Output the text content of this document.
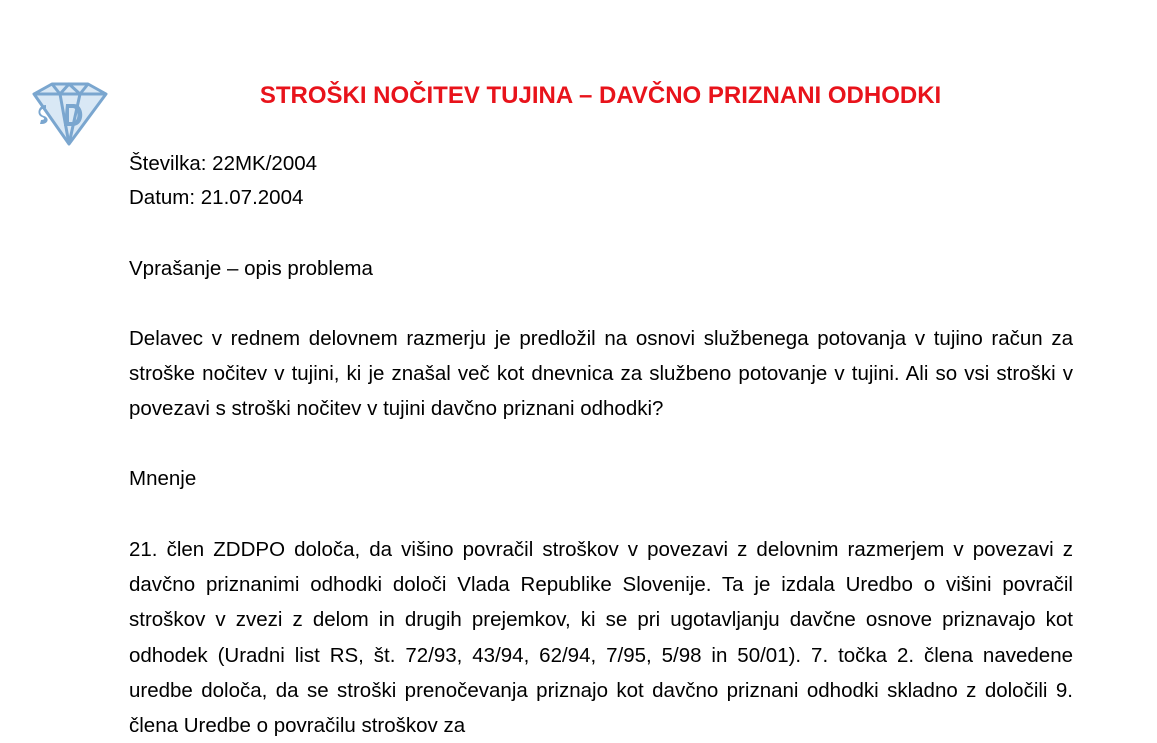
STROŠKI NOČITEV TUJINA – DAVČNO PRIZNANI ODHODKI
Številka: 22MK/2004
Datum: 21.07.2004
Vprašanje – opis problema
Delavec v rednem delovnem razmerju je predložil na osnovi službenega potovanja v tujino račun za stroške nočitev v tujini, ki je znašal več kot dnevnica za službeno potovanje v tujini. Ali so vsi stroški v povezavi s stroški nočitev v tujini davčno priznani odhodki?
Mnenje
21. člen ZDDPO določa, da višino povračil stroškov v povezavi z delovnim razmerjem v povezavi z davčno priznanimi odhodki določi Vlada Republike Slovenije. Ta je izdala Uredbo o višini povračil stroškov v zvezi z delom in drugih prejemkov, ki se pri ugotavljanju davčne osnove priznavajo kot odhodek (Uradni list RS, št. 72/93, 43/94, 62/94, 7/95, 5/98 in 50/01). 7. točka 2. člena navedene uredbe določa, da se stroški prenočevanja priznajo kot davčno priznani odhodki skladno z določili 9. člena Uredbe o povračilu stroškov za
